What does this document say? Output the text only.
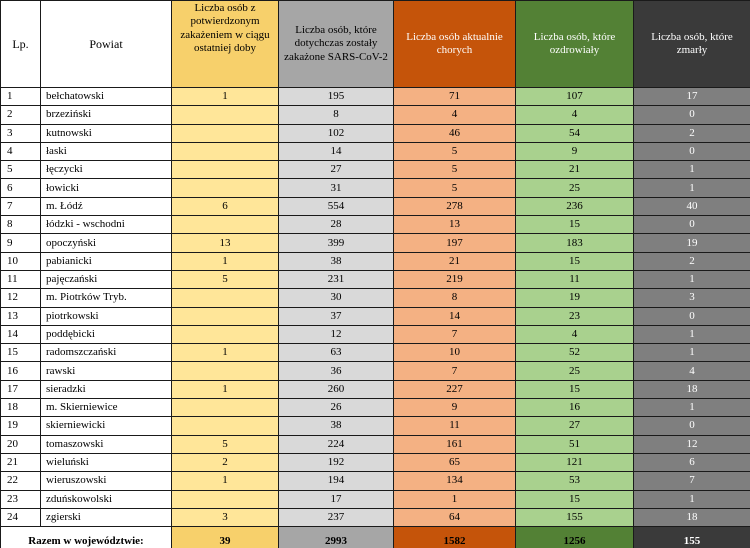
Lp.	Powiat	Liczba osób z potwierdzonym zakażeniem w ciągu ostatniej doby	Liczba osób, które dotychczas zostały zakażone SARS-CoV-2	Liczba osób aktualnie chorych	Liczba osób, które ozdrowiały	Liczba osób, które zmarły
1	bełchatowski	1	195	71	107	17
2	brzeziński		8	4	4	0
3	kutnowski		102	46	54	2
4	łaski		14	5	9	0
5	łęczycki		27	5	21	1
6	łowicki		31	5	25	1
7	m. Łódź	6	554	278	236	40
8	łódzki - wschodni		28	13	15	0
9	opoczyński	13	399	197	183	19
10	pabianicki	1	38	21	15	2
11	pajęczański	5	231	219	11	1
12	m. Piotrków Tryb.		30	8	19	3
13	piotrkowski		37	14	23	0
14	poddębicki		12	7	4	1
15	radomszczański	1	63	10	52	1
16	rawski		36	7	25	4
17	sieradzki	1	260	227	15	18
18	m. Skierniewice		26	9	16	1
19	skierniewicki		38	11	27	0
20	tomaszowski	5	224	161	51	12
21	wieluński	2	192	65	121	6
22	wieruszowski	1	194	134	53	7
23	zduńskowolski		17	1	15	1
24	zgierski	3	237	64	155	18
Razem w województwie:		39	2993	1582	1256	155
